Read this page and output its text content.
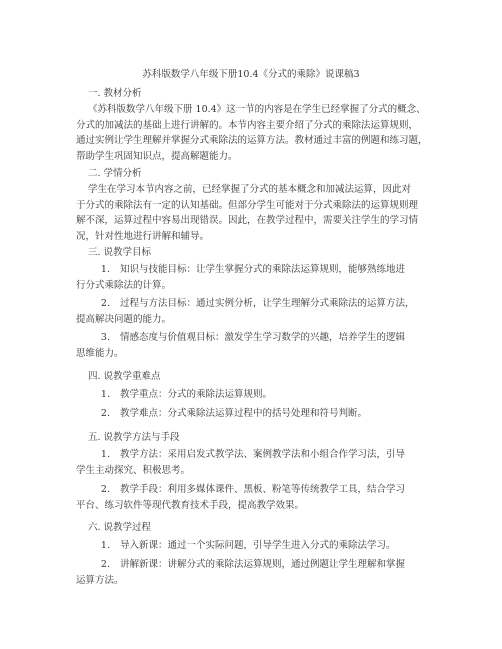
苏科版数学八年级下册10.4《分式的乘除》说课稿3
一. 教材分析
《苏科版数学八年级下册 10.4》这一节的内容是在学生已经掌握了分式的概念、
分式的加减法的基础上进行讲解的。本节内容主要介绍了分式的乘除法运算规则，
通过实例让学生理解并掌握分式乘除法的运算方法。教材通过丰富的例题和练习题，
帮助学生巩固知识点，提高解题能力。
二. 学情分析
学生在学习本节内容之前，已经掌握了分式的基本概念和加减法运算，因此对
于分式的乘除法有一定的认知基础。但部分学生可能对于分式乘除法的运算规则理
解不深，运算过程中容易出现错误。因此，在教学过程中，需要关注学生的学习情
况，针对性地进行讲解和辅导。
三. 说教学目标
1. 知识与技能目标：让学生掌握分式的乘除法运算规则，能够熟练地进
行分式乘除法的计算。
2. 过程与方法目标：通过实例分析，让学生理解分式乘除法的运算方法，
提高解决问题的能力。
3. 情感态度与价值观目标：激发学生学习数学的兴趣，培养学生的逻辑
思维能力。
四. 说教学重难点
1. 教学重点：分式的乘除法运算规则。
2. 教学难点：分式乘除法运算过程中的括号处理和符号判断。
五. 说教学方法与手段
1. 教学方法：采用启发式教学法、案例教学法和小组合作学习法，引导
学生主动探究、积极思考。
2. 教学手段：利用多媒体课件、黑板、粉笔等传统教学工具，结合学习
平台、练习软件等现代教育技术手段，提高教学效果。
六. 说教学过程
1. 导入新课：通过一个实际问题，引导学生进入分式的乘除法学习。
2. 讲解新课：讲解分式的乘除法运算规则，通过例题让学生理解和掌握
运算方法。
